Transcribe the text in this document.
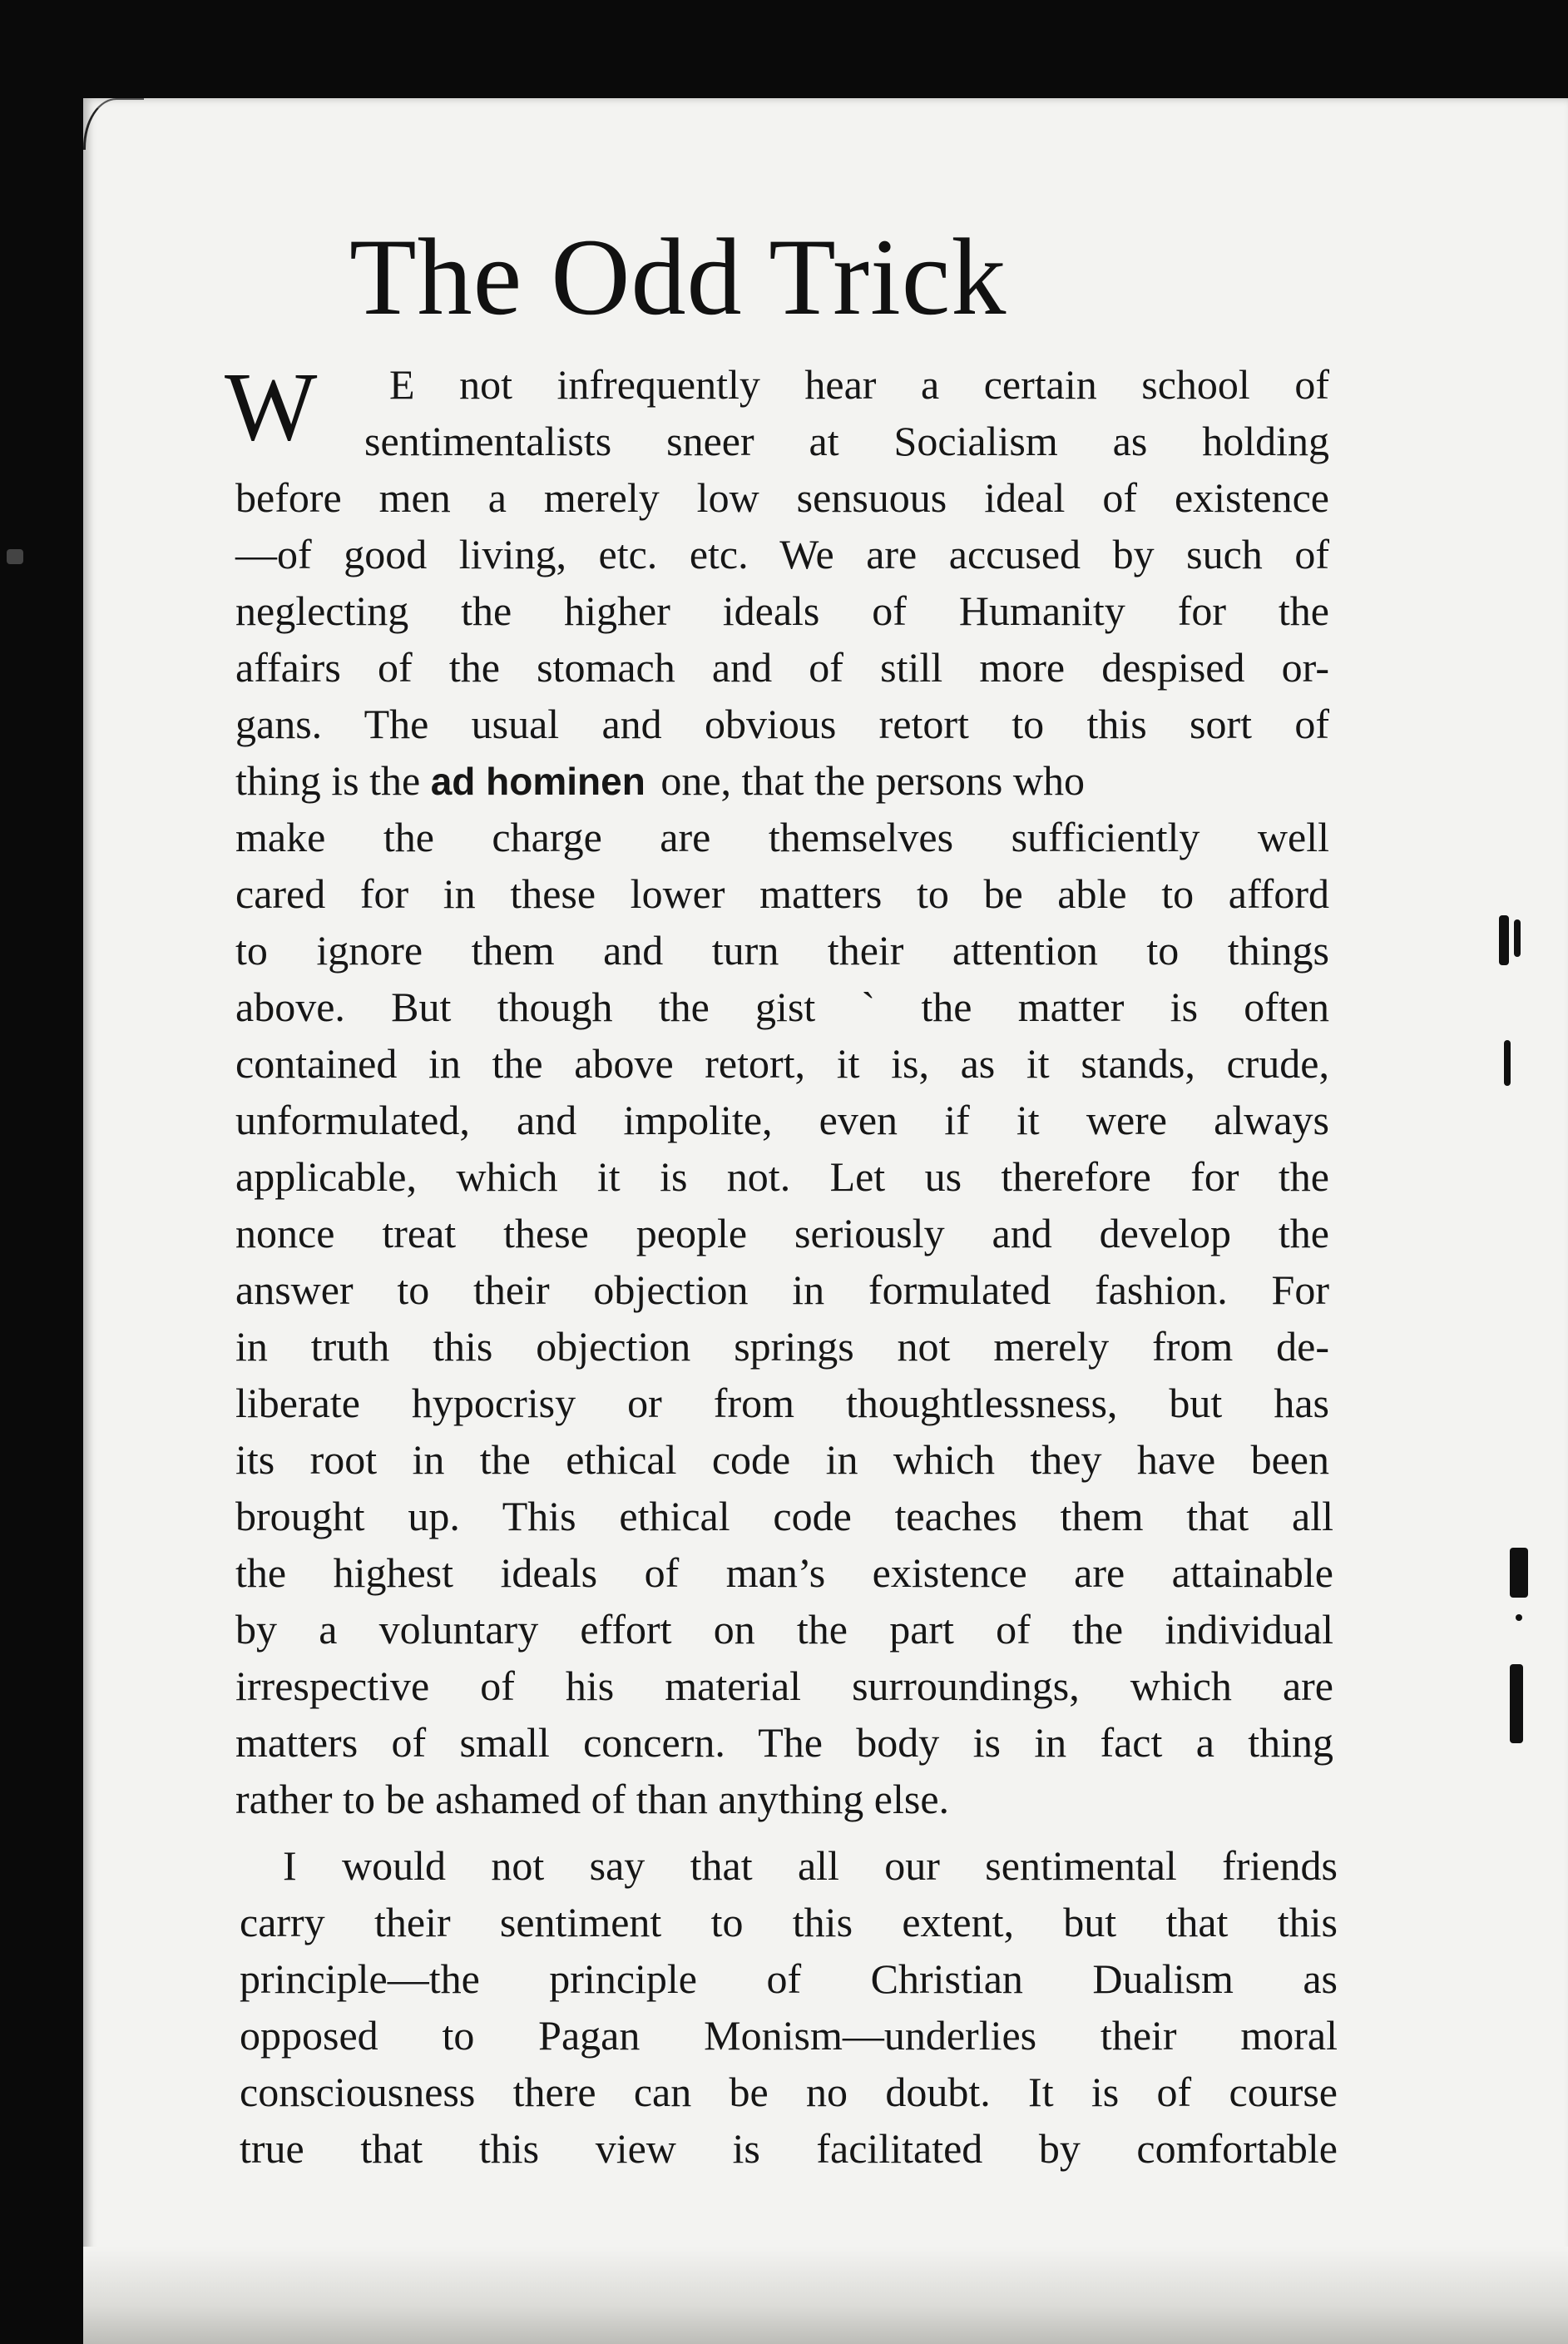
The Odd Trick
W E not infrequently hear a certain school of
sentimentalists sneer at Socialism as holding
before men a merely low sensuous ideal of existence
—of good living, etc. etc. We are accused by such of
neglecting the higher ideals of Humanity for the
affairs of the stomach and of still more despised or-
gans. The usual and obvious retort to this sort of
thing is the ad hominen one, that the persons who
make the charge are themselves sufficiently well
cared for in these lower matters to be able to afford
to ignore them and turn their attention to things
above. But though the gist ` the matter is often
contained in the above retort, it is, as it stands, crude,
unformulated, and impolite, even if it were always
applicable, which it is not. Let us therefore for the
nonce treat these people seriously and develop the
answer to their objection in formulated fashion. For
in truth this objection springs not merely from de-
liberate hypocrisy or from thoughtlessness, but has
its root in the ethical code in which they have been
brought up. This ethical code teaches them that all
the highest ideals of man’s existence are attainable
by a voluntary effort on the part of the individual
irrespective of his material surroundings, which are
matters of small concern. The body is in fact a thing
rather to be ashamed of than anything else.
I would not say that all our sentimental friends
carry their sentiment to this extent, but that this
principle—the principle of Christian Dualism as
opposed to Pagan Monism—underlies their moral
consciousness there can be no doubt. It is of course
true that this view is facilitated by comfortable
